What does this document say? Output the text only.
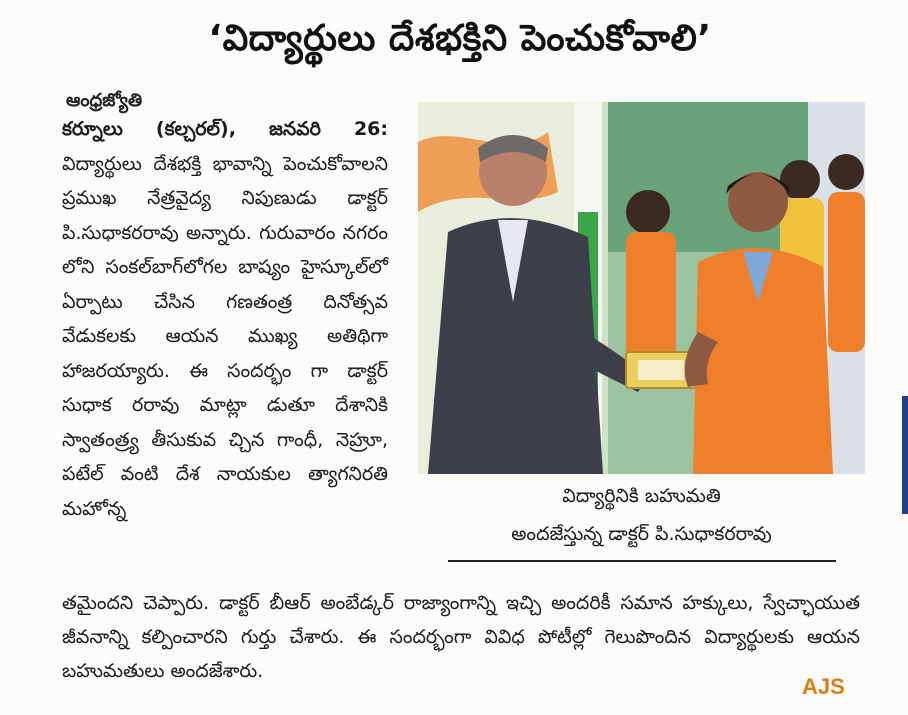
‘విద్యార్థులు దేశభక్తిని పెంచుకోవాలి’
ఆంధ్రజ్యోతి
కర్నూలు (కల్చరల్), జనవరి 26: విద్యార్థులు దేశభక్తి భావాన్ని పెంచుకోవాలని ప్రముఖ నేత్రవైద్య నిపుణుడు డాక్టర్ పి.సుధాకరరావు అన్నారు. గురువారం నగరం లోని సంకల్‌బాగ్‌లోగల బాష్యం హైస్కూల్‌లో ఏర్పాటు చేసిన గణతంత్ర దినోత్సవ వేడుకలకు ఆయన ముఖ్య అతిథిగా హాజరయ్యారు. ఈ సందర్భం గా డాక్టర్ సుధాక రరావు మాట్లా డుతూ దేశానికి స్వాతంత్ర్య తీసుకువ చ్చిన గాంధీ, నెహ్రూ, పటేల్ వంటి దేశ నాయకుల త్యాగనిరతి మహోన్న
విద్యార్థినికి బహుమతి
అందజేస్తున్న డాక్టర్ పి.సుధాకరరావు
తమైందని చెప్పారు. డాక్టర్ బీఆర్ అంబేడ్కర్ రాజ్యాంగాన్ని ఇచ్చి అందరికీ సమాన హక్కులు, స్వేచ్ఛాయుత జీవనాన్ని కల్పించారని గుర్తు చేశారు. ఈ సందర్భంగా వివిధ పోటీల్లో గెలుపొందిన విద్యార్థులకు ఆయన బహుమతులు అందజేశారు.
AJS
